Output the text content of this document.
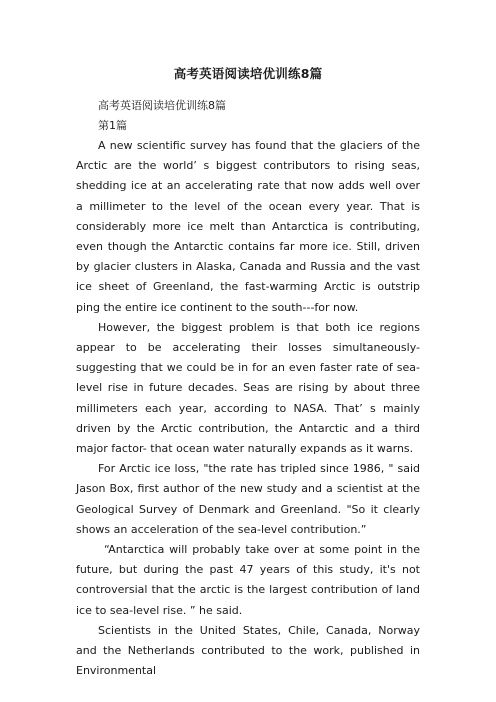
高考英语阅读培优训练8篇

高考英语阅读培优训练8篇

第1篇

A new scientific survey has found that the glaciers of the Arctic are the world’ s biggest contributors to rising seas, shedding ice at an accelerating rate that now adds well over a millimeter to the level of the ocean every year. That is considerably more ice melt than Antarctica is contributing, even though the Antarctic contains far more ice. Still, driven by glacier clusters in Alaska, Canada and Russia and the vast ice sheet of Greenland, the fast-warming Arctic is outstrip ping the entire ice continent to the south---for now.

However, the biggest problem is that both ice regions appear to be accelerating their losses simultaneously-suggesting that we could be in for an even faster rate of sea-level rise in future decades. Seas are rising by about three millimeters each year, according to NASA. That’ s mainly driven by the Arctic contribution, the Antarctic and a third major factor- that ocean water naturally expands as it warns.

For Arctic ice loss, "the rate has tripled since 1986, " said Jason Box, first author of the new study and a scientist at the Geological Survey of Denmark and Greenland. "So it clearly shows an acceleration of the sea-level contribution.”

“Antarctica will probably take over at some point in the future, but during the past 47 years of this study, it's not controversial that the arctic is the largest contribution of land ice to sea-level rise. ” he said.

Scientists in the United States, Chile, Canada, Norway and the Netherlands contributed to the work, published in Environmental
